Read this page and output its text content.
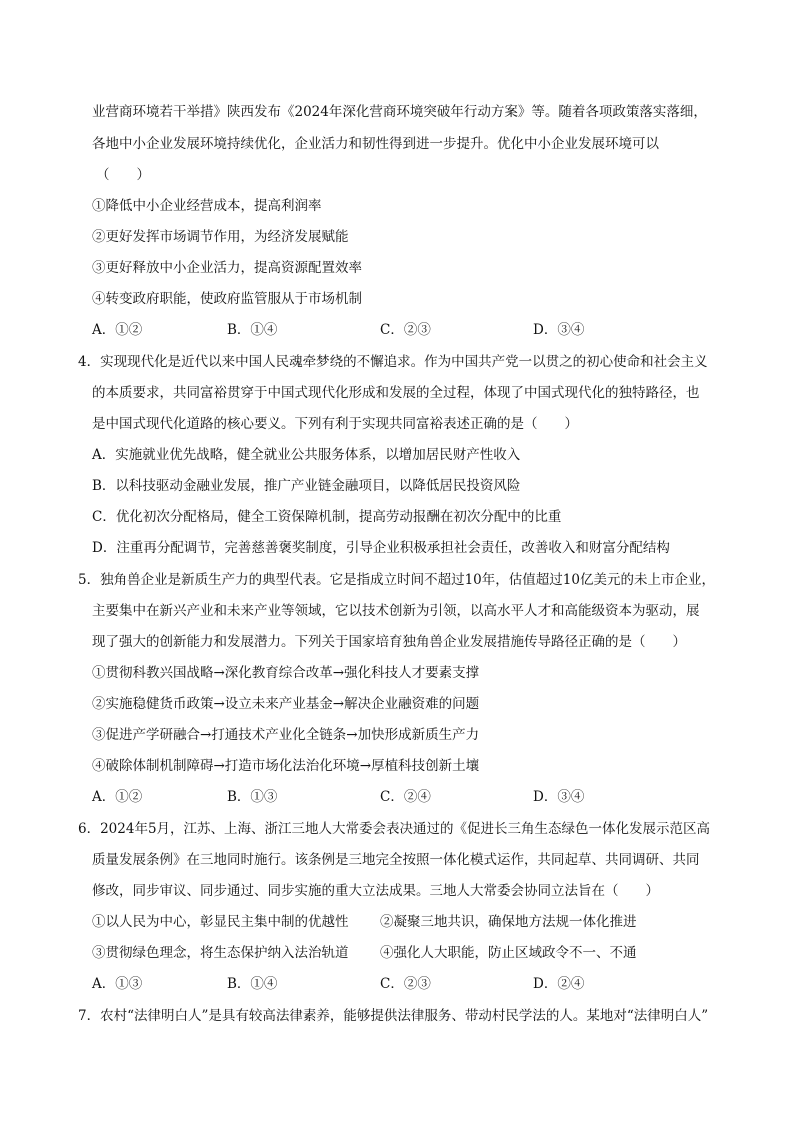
业营商环境若干举措》陕西发布《2024年深化营商环境突破年行动方案》等。随着各项政策落实落细，
各地中小企业发展环境持续优化，企业活力和韧性得到进一步提升。优化中小企业发展环境可以
（　　）
①降低中小企业经营成本，提高利润率
②更好发挥市场调节作用，为经济发展赋能
③更好释放中小企业活力，提高资源配置效率
④转变政府职能，使政府监管服从于市场机制
A．①②	B．①④	C．②③	D．③④
4．实现现代化是近代以来中国人民魂牵梦绕的不懈追求。作为中国共产党一以贯之的初心使命和社会主义
的本质要求，共同富裕贯穿于中国式现代化形成和发展的全过程，体现了中国式现代化的独特路径，也
是中国式现代化道路的核心要义。下列有利于实现共同富裕表述正确的是（　　）
A．实施就业优先战略，健全就业公共服务体系，以增加居民财产性收入
B．以科技驱动金融业发展，推广产业链金融项目，以降低居民投资风险
C．优化初次分配格局，健全工资保障机制，提高劳动报酬在初次分配中的比重
D．注重再分配调节，完善慈善褒奖制度，引导企业积极承担社会责任，改善收入和财富分配结构
5．独角兽企业是新质生产力的典型代表。它是指成立时间不超过10年，估值超过10亿美元的未上市企业，
主要集中在新兴产业和未来产业等领域，它以技术创新为引领，以高水平人才和高能级资本为驱动，展
现了强大的创新能力和发展潜力。下列关于国家培育独角兽企业发展措施传导路径正确的是（　　）
①贯彻科教兴国战略→深化教育综合改革→强化科技人才要素支撑
②实施稳健货币政策→设立未来产业基金→解决企业融资难的问题
③促进产学研融合→打通技术产业化全链条→加快形成新质生产力
④破除体制机制障碍→打造市场化法治化环境→厚植科技创新土壤
A．①②	B．①③	C．②④	D．③④
6．2024年5月，江苏、上海、浙江三地人大常委会表决通过的《促进长三角生态绿色一体化发展示范区高
质量发展条例》在三地同时施行。该条例是三地完全按照一体化模式运作，共同起草、共同调研、共同
修改，同步审议、同步通过、同步实施的重大立法成果。三地人大常委会协同立法旨在（　　）
①以人民为中心，彰显民主集中制的优越性 ②凝聚三地共识，确保地方法规一体化推进
③贯彻绿色理念，将生态保护纳入法治轨道 ④强化人大职能，防止区域政令不一、不通
A．①③	B．①④	C．②③	D．②④
7．农村“法律明白人”是具有较高法律素养，能够提供法律服务、带动村民学法的人。某地对“法律明白人”
